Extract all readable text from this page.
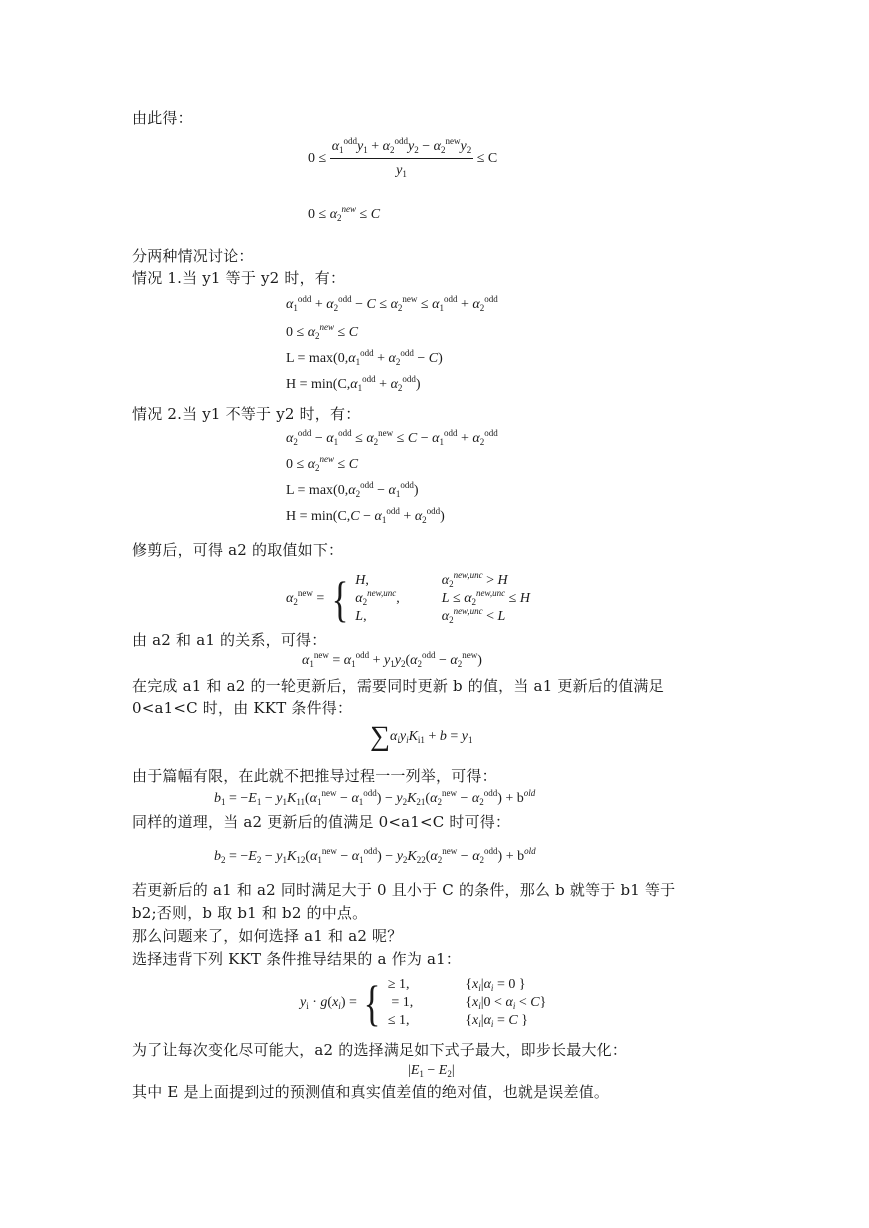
由此得：
$0 \le \frac{\alpha_1^{odd}y_1 + \alpha_2^{odd}y_2 - \alpha_2^{new}y_2}{y_1} \le C$
$0 \le \alpha_2^{new} \le C$
分两种情况讨论：
情况 1.当 y1 等于 y2 时，有：
$\alpha_1^{odd} + \alpha_2^{odd} - C \le \alpha_2^{new} \le \alpha_1^{odd} + \alpha_2^{odd}$
$0 \le \alpha_2^{new} \le C$
$L = \max(0,\alpha_1^{odd} + \alpha_2^{odd} - C)$
$H = \min(C,\alpha_1^{odd} + \alpha_2^{odd})$
情况 2.当 y1 不等于 y2 时，有：
$\alpha_2^{odd} - \alpha_1^{odd} \le \alpha_2^{new} \le C - \alpha_1^{odd} + \alpha_2^{odd}$
$0 \le \alpha_2^{new} \le C$
$L = \max(0,\alpha_2^{odd} - \alpha_1^{odd})$
$H = \min(C,C - \alpha_1^{odd} + \alpha_2^{odd})$
修剪后，可得 a2 的取值如下：
$\alpha_2^{new}$ = { H,	$\alpha_2^{new,unc} > H$
$\alpha_2^{new,unc}$,	$L \le \alpha_2^{new,unc} \le H$
L,	$\alpha_2^{new,unc} < L$
由 a2 和 a1 的关系，可得：
$\alpha_1^{new} = \alpha_1^{odd} + y_1y_2(\alpha_2^{odd} - \alpha_2^{new})$
在完成 a1 和 a2 的一轮更新后，需要同时更新 b 的值，当 a1 更新后的值满足
0<a1<C 时，由 KKT 条件得：
$\sum\alpha_iy_iK_{i1} + b = y_1$
由于篇幅有限，在此就不把推导过程一一列举，可得：
$b_1 = -E_1 - y_1K_{11}(\alpha_1^{new} - \alpha_1^{odd}) - y_2K_{21}(\alpha_2^{new} - \alpha_2^{odd}) + b^{old}$
同样的道理，当 a2 更新后的值满足 0<a1<C 时可得：
$b_2 = -E_2 - y_1K_{12}(\alpha_1^{new} - \alpha_1^{odd}) - y_2K_{22}(\alpha_2^{new} - \alpha_2^{odd}) + b^{old}$
若更新后的 a1 和 a2 同时满足大于 0 且小于 C 的条件，那么 b 就等于 b1 等于
b2;否则，b 取 b1 和 b2 的中点。
那么问题来了，如何选择 a1 和 a2 呢？
选择违背下列 KKT 条件推导结果的 a 作为 a1：
$y_i \cdot g(x_i)$ = { ≥ 1,	{$x_i|\alpha_i = 0$ }
= 1,	$\{x_i|0 < \alpha_i < C\}$
≤ 1,	{$x_i|\alpha_i = C$ }
为了让每次变化尽可能大，a2 的选择满足如下式子最大，即步长最大化：
$|E_1 - E_2|$
其中 E 是上面提到过的预测值和真实值差值的绝对值，也就是误差值。
